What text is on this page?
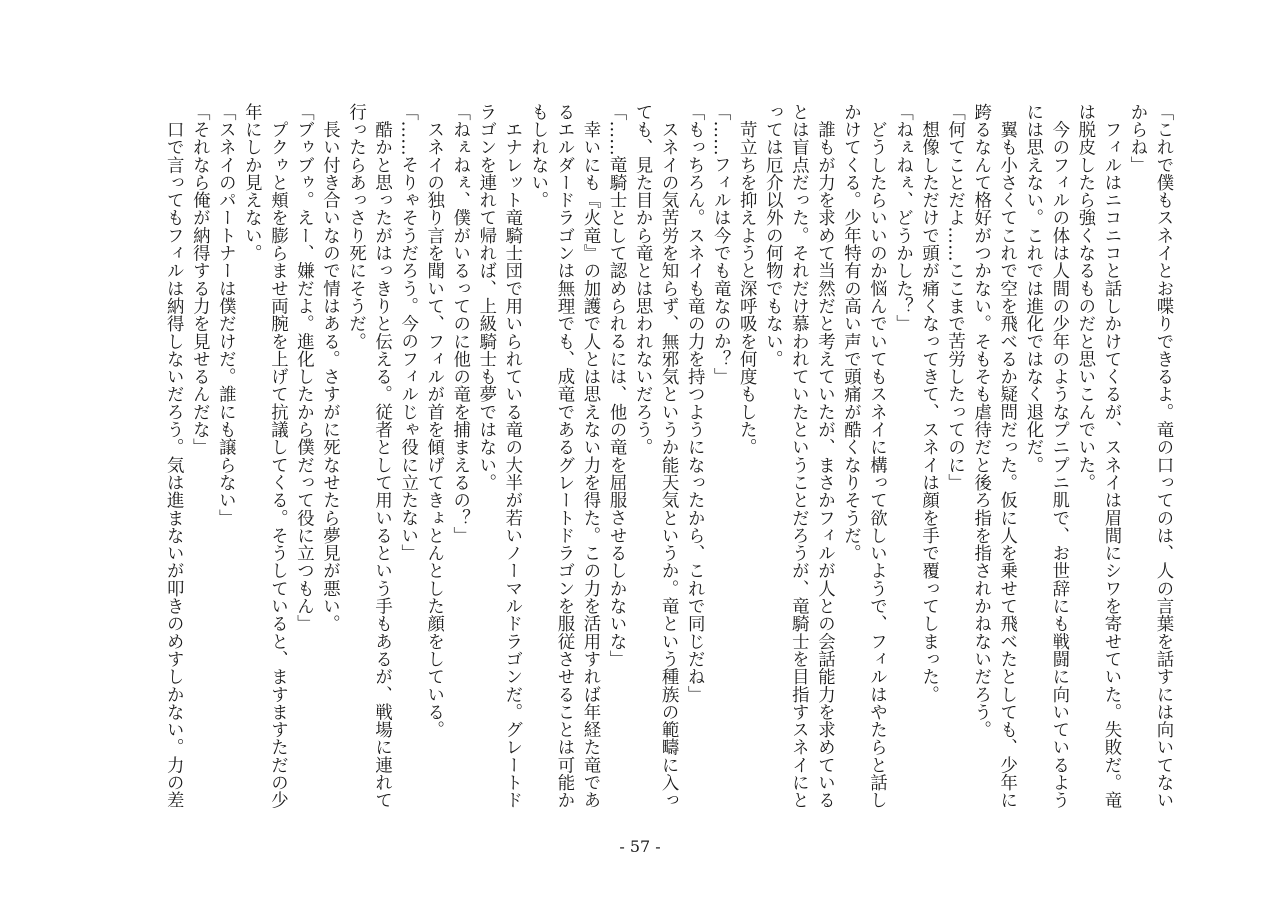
「これで僕もスネイとお喋りできるよ。竜の口ってのは、人の言葉を話すには向いてない
からね」
　フィルはニコニコと話しかけてくるが、スネイは眉間にシワを寄せていた。失敗だ。竜
は脱皮したら強くなるものだと思いこんでいた。
　今のフィルの体は人間の少年のようなプニプニ肌で、お世辞にも戦闘に向いているよう
には思えない。これでは進化ではなく退化だ。
　翼も小さくてこれで空を飛べるか疑問だった。仮に人を乗せて飛べたとしても、少年に
跨るなんて格好がつかない。そもそも虐待だと後ろ指を指されかねないだろう。
「何てことだよ……ここまで苦労したってのに」
　想像しただけで頭が痛くなってきて、スネイは顔を手で覆ってしまった。
「ねぇねぇ、どうかした？」
　どうしたらいいのか悩んでいてもスネイに構って欲しいようで、フィルはやたらと話し
かけてくる。少年特有の高い声で頭痛が酷くなりそうだ。
　誰もが力を求めて当然だと考えていたが、まさかフィルが人との会話能力を求めている
とは盲点だった。それだけ慕われていたということだろうが、竜騎士を目指すスネイにと
っては厄介以外の何物でもない。
　苛立ちを抑えようと深呼吸を何度もした。
「……フィルは今でも竜なのか？」
「もっちろん。スネイも竜の力を持つようになったから、これで同じだね」
　スネイの気苦労を知らず、無邪気というか能天気というか。竜という種族の範疇に入っ
ても、見た目から竜とは思われないだろう。
「……竜騎士として認められるには、他の竜を屈服させるしかないな」
　幸いにも『火竜』の加護で人とは思えない力を得た。この力を活用すれば年経た竜であ
るエルダードラゴンは無理でも、成竜であるグレートドラゴンを服従させることは可能か
もしれない。
　エナレット竜騎士団で用いられている竜の大半が若いノーマルドラゴンだ。グレートド
ラゴンを連れて帰れば、上級騎士も夢ではない。
「ねぇねぇ、僕がいるってのに他の竜を捕まえるの？」
　スネイの独り言を聞いて、フィルが首を傾げてきょとんとした顔をしている。
「……そりゃそうだろう。今のフィルじゃ役に立たない」
　酷かと思ったがはっきりと伝える。従者として用いるという手もあるが、戦場に連れて
行ったらあっさり死にそうだ。
　長い付き合いなので情はある。さすがに死なせたら夢見が悪い。
「ブゥブゥ。えー、嫌だよ。進化したから僕だって役に立つもん」
　プクゥと頬を膨らませ両腕を上げて抗議してくる。そうしていると、ますますただの少
年にしか見えない。
「スネイのパートナーは僕だけだ。誰にも譲らない」
「それなら俺が納得する力を見せるんだな」
　口で言ってもフィルは納得しないだろう。気は進まないが叩きのめすしかない。力の差
- 57 -
